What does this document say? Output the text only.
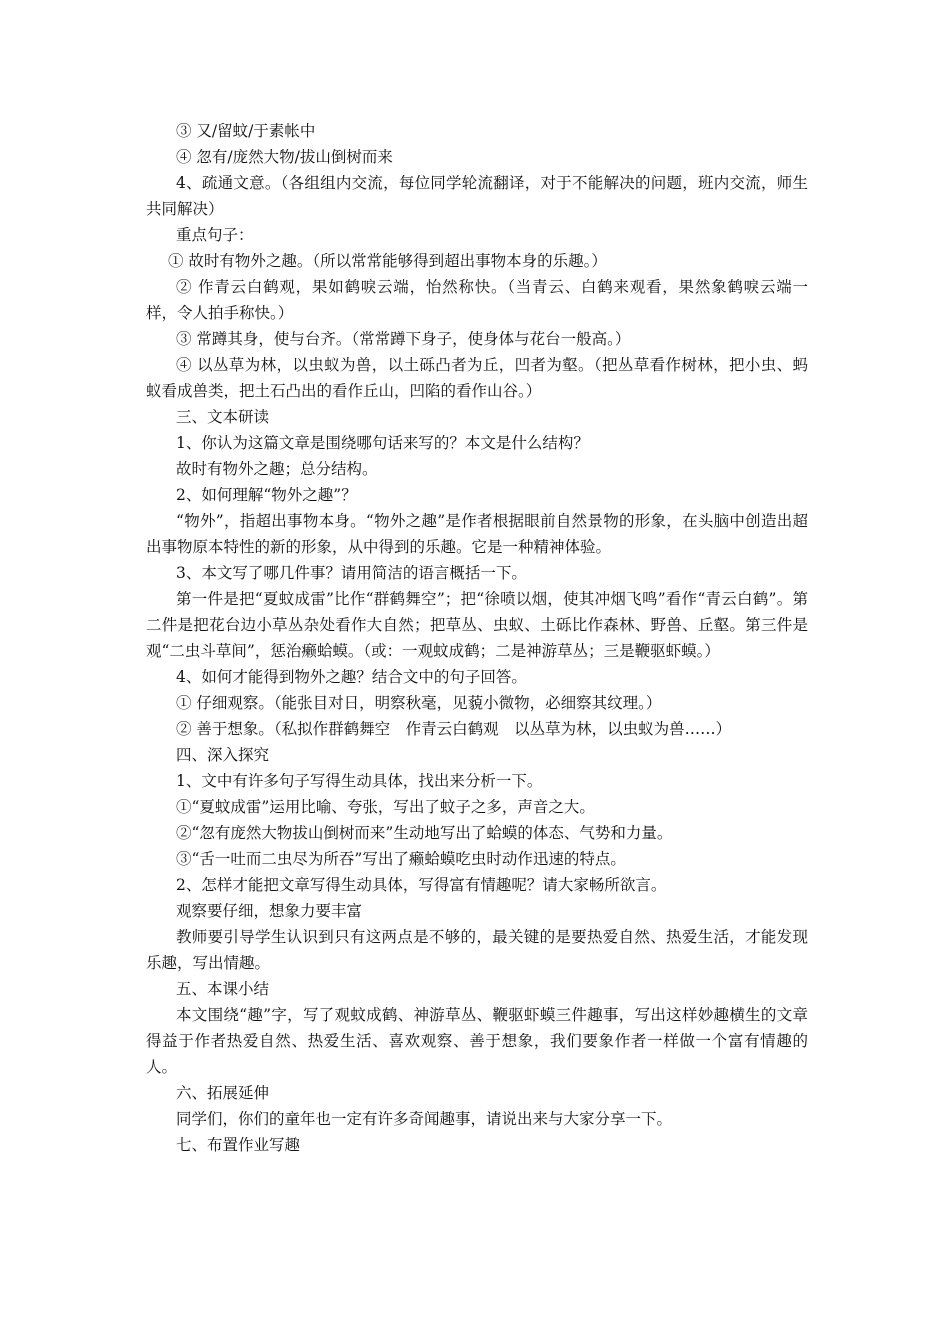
③ 又/留蚊/于素帐中

④ 忽有/庞然大物/拔山倒树而来

4、疏通文意。（各组组内交流，每位同学轮流翻译，对于不能解决的问题，班内交流，师生共同解决）

重点句子：

① 故时有物外之趣。（所以常常能够得到超出事物本身的乐趣。）

② 作青云白鹤观，果如鹤唳云端，怡然称快。（当青云、白鹤来观看，果然象鹤唳云端一样，令人拍手称快。）

③ 常蹲其身，使与台齐。（常常蹲下身子，使身体与花台一般高。）

④ 以丛草为林，以虫蚁为兽，以土砾凸者为丘，凹者为壑。（把丛草看作树林，把小虫、蚂蚁看成兽类，把土石凸出的看作丘山，凹陷的看作山谷。）

三、文本研读

1、你认为这篇文章是围绕哪句话来写的？本文是什么结构？

故时有物外之趣；总分结构。

2、如何理解“物外之趣”？

“物外”，指超出事物本身。“物外之趣”是作者根据眼前自然景物的形象，在头脑中创造出超出事物原本特性的新的形象，从中得到的乐趣。它是一种精神体验。

3、本文写了哪几件事？请用简洁的语言概括一下。

第一件是把“夏蚊成雷”比作“群鹤舞空”；把“徐喷以烟，使其冲烟飞鸣”看作“青云白鹤”。第二件是把花台边小草丛杂处看作大自然；把草丛、虫蚁、土砾比作森林、野兽、丘壑。第三件是观“二虫斗草间”，惩治癞蛤蟆。（或：一观蚊成鹤；二是神游草丛；三是鞭驱虾蟆。）

4、如何才能得到物外之趣？结合文中的句子回答。

① 仔细观察。（能张目对日，明察秋毫，见藐小微物，必细察其纹理。）

② 善于想象。（私拟作群鹤舞空　作青云白鹤观　以丛草为林，以虫蚁为兽……）

四、深入探究

1、文中有许多句子写得生动具体，找出来分析一下。

①“夏蚊成雷”运用比喻、夸张，写出了蚊子之多，声音之大。

②“忽有庞然大物拔山倒树而来”生动地写出了蛤蟆的体态、气势和力量。

③“舌一吐而二虫尽为所吞”写出了癞蛤蟆吃虫时动作迅速的特点。

2、怎样才能把文章写得生动具体，写得富有情趣呢？请大家畅所欲言。

观察要仔细，想象力要丰富

教师要引导学生认识到只有这两点是不够的，最关键的是要热爱自然、热爱生活，才能发现乐趣，写出情趣。

五、本课小结

本文围绕“趣”字，写了观蚊成鹤、神游草丛、鞭驱虾蟆三件趣事，写出这样妙趣横生的文章得益于作者热爱自然、热爱生活、喜欢观察、善于想象，我们要象作者一样做一个富有情趣的人。

六、拓展延伸

同学们，你们的童年也一定有许多奇闻趣事，请说出来与大家分享一下。

七、布置作业写趣
